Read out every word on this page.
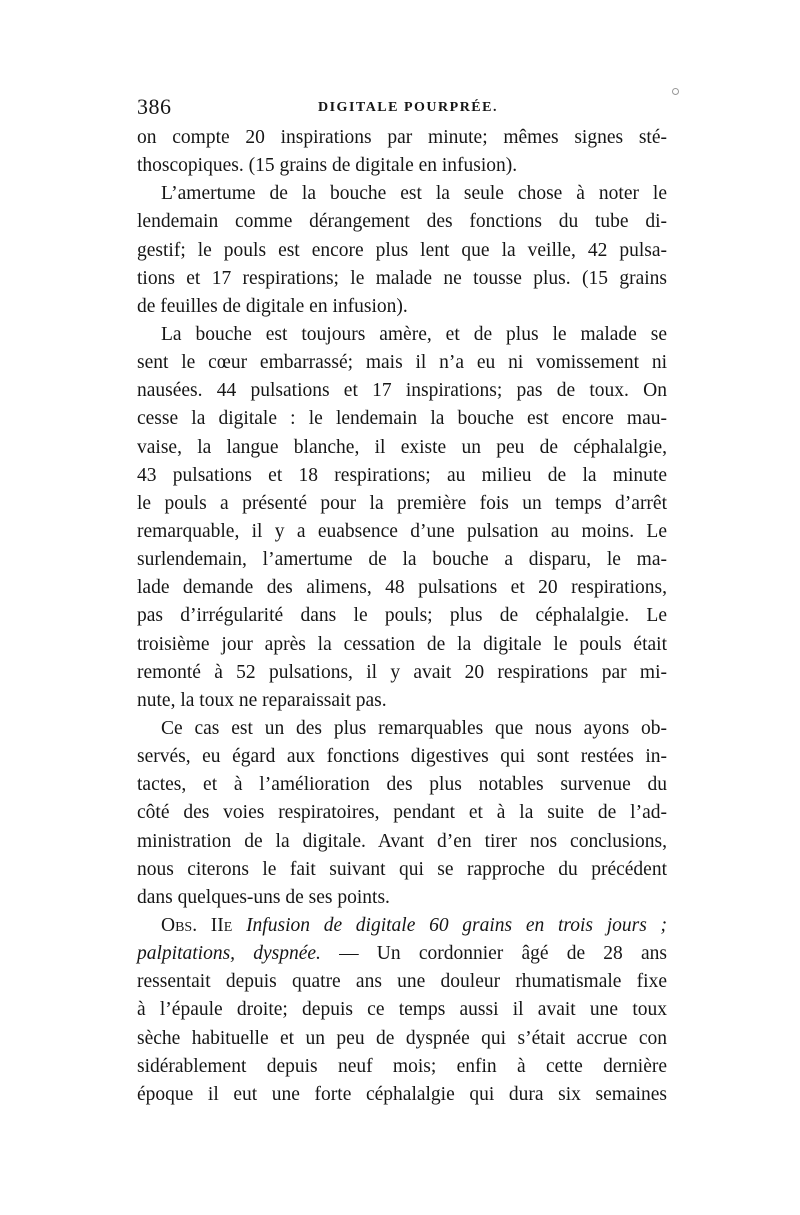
386	DIGITALE POURPRÉE.
on compte 20 inspirations par minute; mêmes signes sté-
thoscopiques. (15 grains de digitale en infusion).
L’amertume de la bouche est la seule chose à noter le
lendemain comme dérangement des fonctions du tube di-
gestif; le pouls est encore plus lent que la veille, 42 pulsa-
tions et 17 respirations; le malade ne tousse plus. (15 grains
de feuilles de digitale en infusion).
La bouche est toujours amère, et de plus le malade se
sent le cœur embarrassé; mais il n’a eu ni vomissement ni
nausées. 44 pulsations et 17 inspirations; pas de toux. On
cesse la digitale : le lendemain la bouche est encore mau-
vaise, la langue blanche, il existe un peu de céphalalgie,
43 pulsations et 18 respirations; au milieu de la minute
le pouls a présenté pour la première fois un temps d’arrêt
remarquable, il y a euabsence d’une pulsation au moins. Le
surlendemain, l’amertume de la bouche a disparu, le ma-
lade demande des alimens, 48 pulsations et 20 respirations,
pas d’irrégularité dans le pouls; plus de céphalalgie. Le
troisième jour après la cessation de la digitale le pouls était
remonté à 52 pulsations, il y avait 20 respirations par mi-
nute, la toux ne reparaissait pas.
Ce cas est un des plus remarquables que nous ayons ob-
servés, eu égard aux fonctions digestives qui sont restées in-
tactes, et à l’amélioration des plus notables survenue du
côté des voies respiratoires, pendant et à la suite de l’ad-
ministration de la digitale. Avant d’en tirer nos conclusions,
nous citerons le fait suivant qui se rapproche du précédent
dans quelques-uns de ses points.
Obs. IIe Infusion de digitale 60 grains en trois jours ;
palpitations, dyspnée. — Un cordonnier âgé de 28 ans
ressentait depuis quatre ans une douleur rhumatismale fixe
à l’épaule droite; depuis ce temps aussi il avait une toux
sèche habituelle et un peu de dyspnée qui s’était accrue con
sidérablement depuis neuf mois; enfin à cette dernière
époque il eut une forte céphalalgie qui dura six semaines
